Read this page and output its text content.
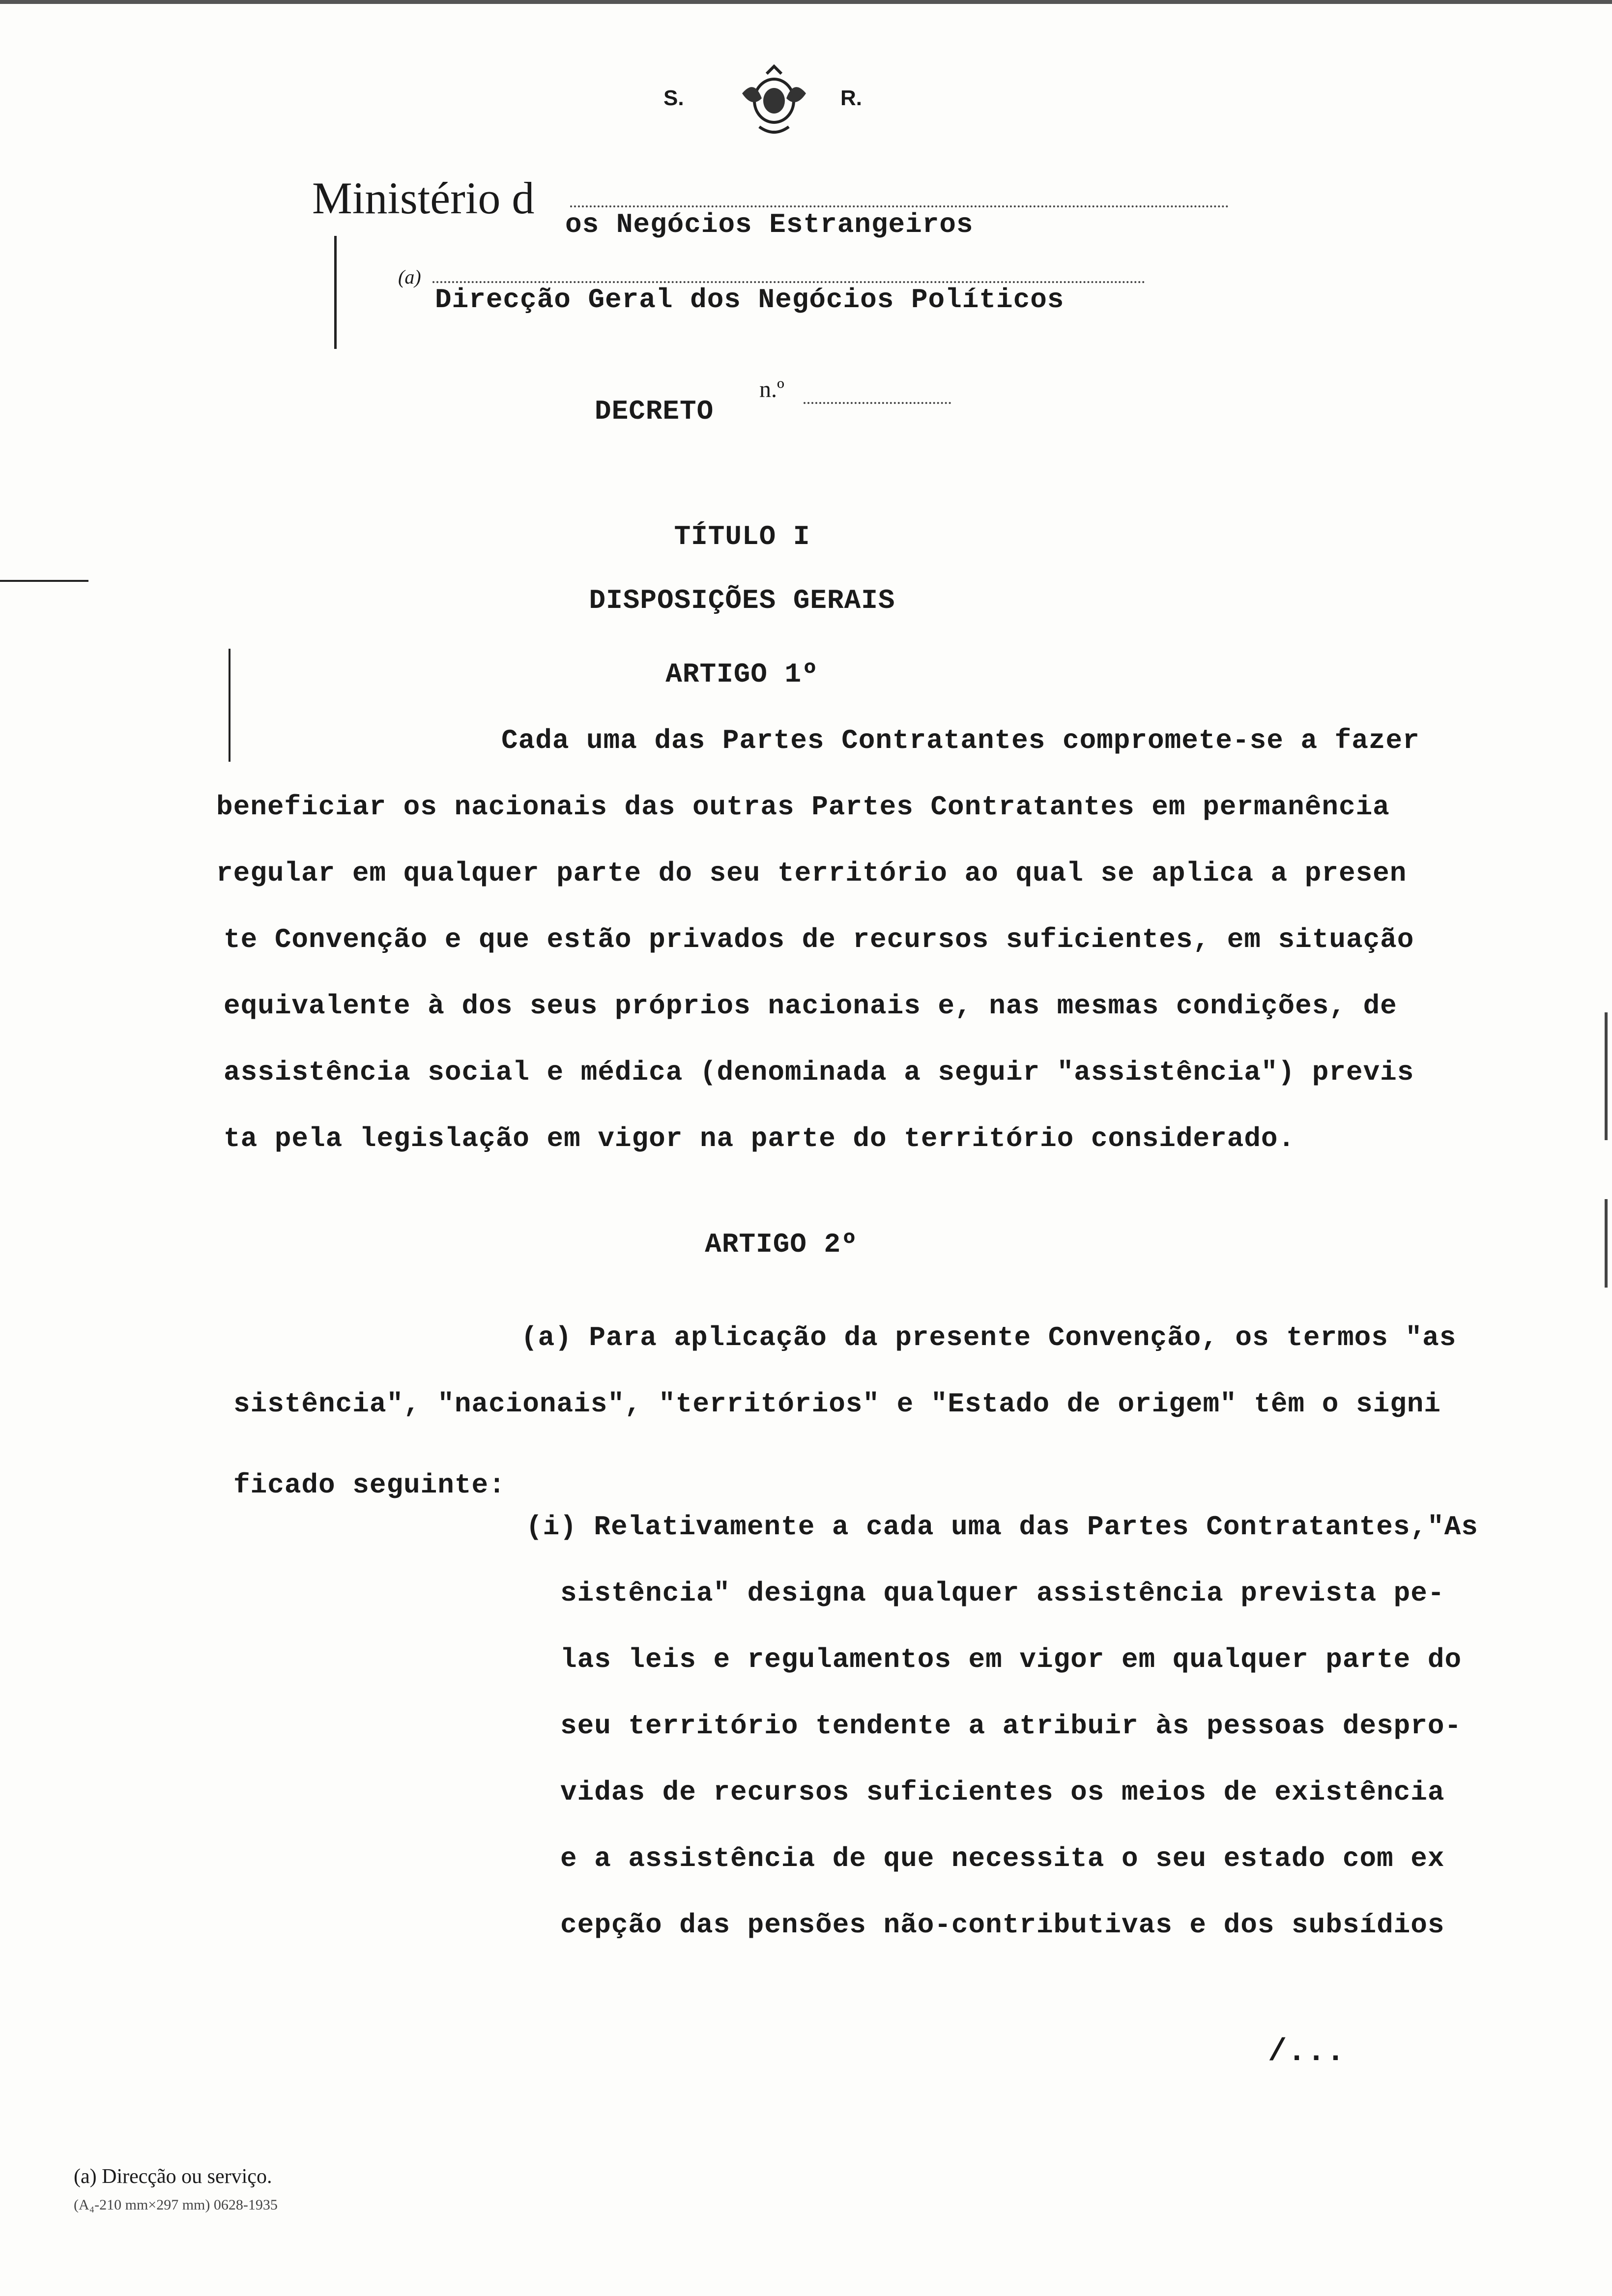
S.	R.
Ministério d
os Negócios Estrangeiros
(a)
Direcção Geral dos Negócios Políticos
DECRETO
n.º
TÍTULO I
DISPOSIÇÕES GERAIS
ARTIGO 1º
Cada uma das Partes Contratantes compromete-se a fazer
beneficiar os nacionais das outras Partes Contratantes em permanência
regular em qualquer parte do seu território ao qual se aplica a presen
te Convenção e que estão privados de recursos suficientes, em situação
equivalente à dos seus próprios nacionais e, nas mesmas condições, de
assistência social e médica (denominada a seguir "assistência") previs
ta pela legislação em vigor na parte do território considerado.
ARTIGO 2º
(a) Para aplicação da presente Convenção, os termos "as
sistência", "nacionais", "territórios" e "Estado de origem" têm o signi
ficado seguinte:
(i) Relativamente a cada uma das Partes Contratantes,"As
sistência" designa qualquer assistência prevista pe-
las leis e regulamentos em vigor em qualquer parte do
seu território tendente a atribuir às pessoas despro-
vidas de recursos suficientes os meios de existência
e a assistência de que necessita o seu estado com ex
cepção das pensões não-contributivas e dos subsídios
/...
(a) Direcção ou serviço.
(A₄-210 mm×297 mm) 0628-1935
